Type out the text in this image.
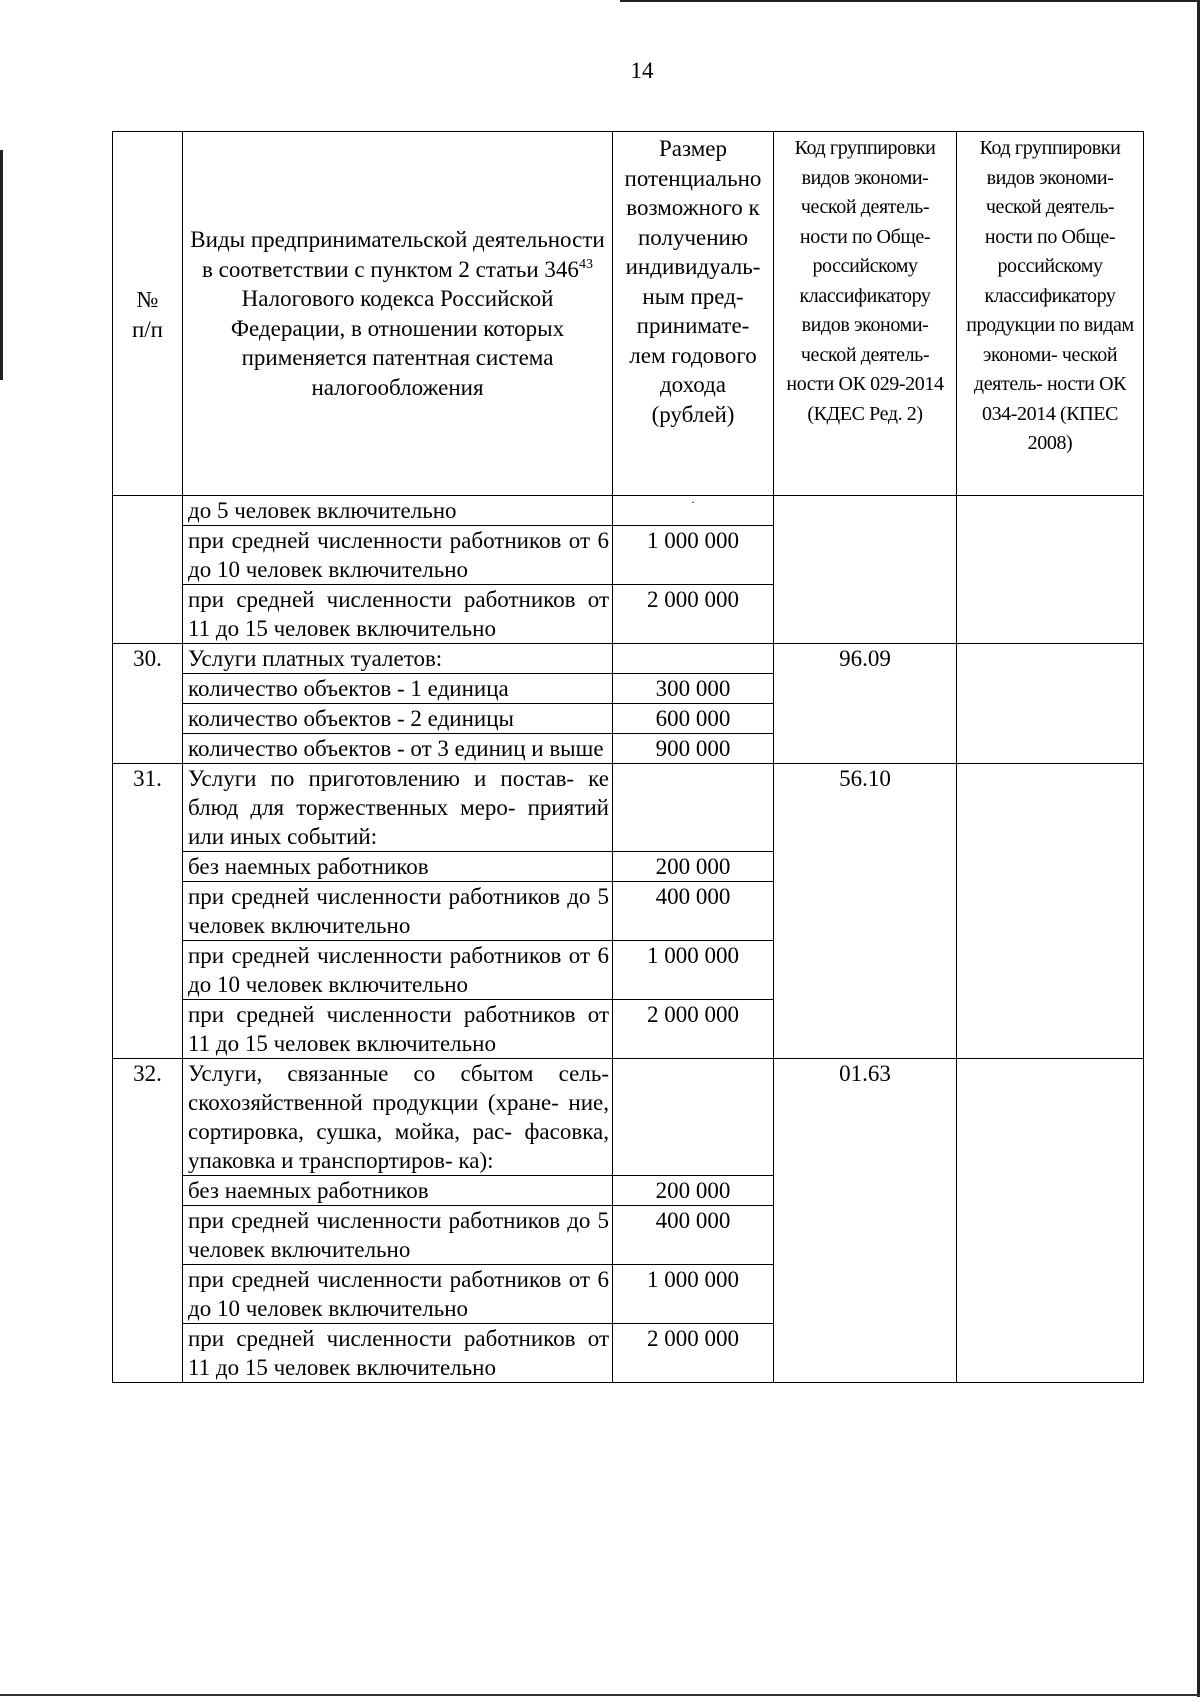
14
№ п/п	Виды предпринимательской деятельности в соответствии с пунктом 2 статьи $346^{43}$ Налогового кодекса Российской Федерации, в отношении которых применяется патентная система налогообложения	Размер потенциально возможного к получению индивидуаль- ным пред- принимате- лем годового дохода (рублей)	Код группировки видов экономи- ческой деятель- ности по Обще- российскому классификатору видов экономи- ческой деятель- ности ОК 029-2014 (КДЕС Ред. 2)	Код группировки видов экономи- ческой деятель- ности по Обще- российскому классификатору продукции по видам экономи- ческой деятель- ности ОК 034-2014 (КПЕС 2008)
	до 5 человек включительно	·		

	при средней численности работников от 6 до 10 человек включительно	1 000 000		
	при средней численности работников от 11 до 15 человек включительно	2 000 000		
30.	Услуги платных туалетов:		96.09	
	количество объектов - 1 единица	300 000		
	количество объектов - 2 единицы	600 000		
	количество объектов - от 3 единиц и выше	900 000		
31.	Услуги по приготовлению и постав- ке блюд для торжественных меро- приятий или иных событий:		56.10	
	без наемных работников	200 000		
	при средней численности работников до 5 человек включительно	400 000		
	при средней численности работников от 6 до 10 человек включительно	1 000 000		
	при средней численности работников от 11 до 15 человек включительно	2 000 000		
32.	Услуги, связанные со сбытом сель- скохозяйственной продукции (хране- ние, сортировка, сушка, мойка, рас- фасовка, упаковка и транспортиров- ка):		01.63	
	без наемных работников	200 000		
	при средней численности работников до 5 человек включительно	400 000		
	при средней численности работников от 6 до 10 человек включительно	1 000 000		
	при средней численности работников от 11 до 15 человек включительно	2 000 000		
